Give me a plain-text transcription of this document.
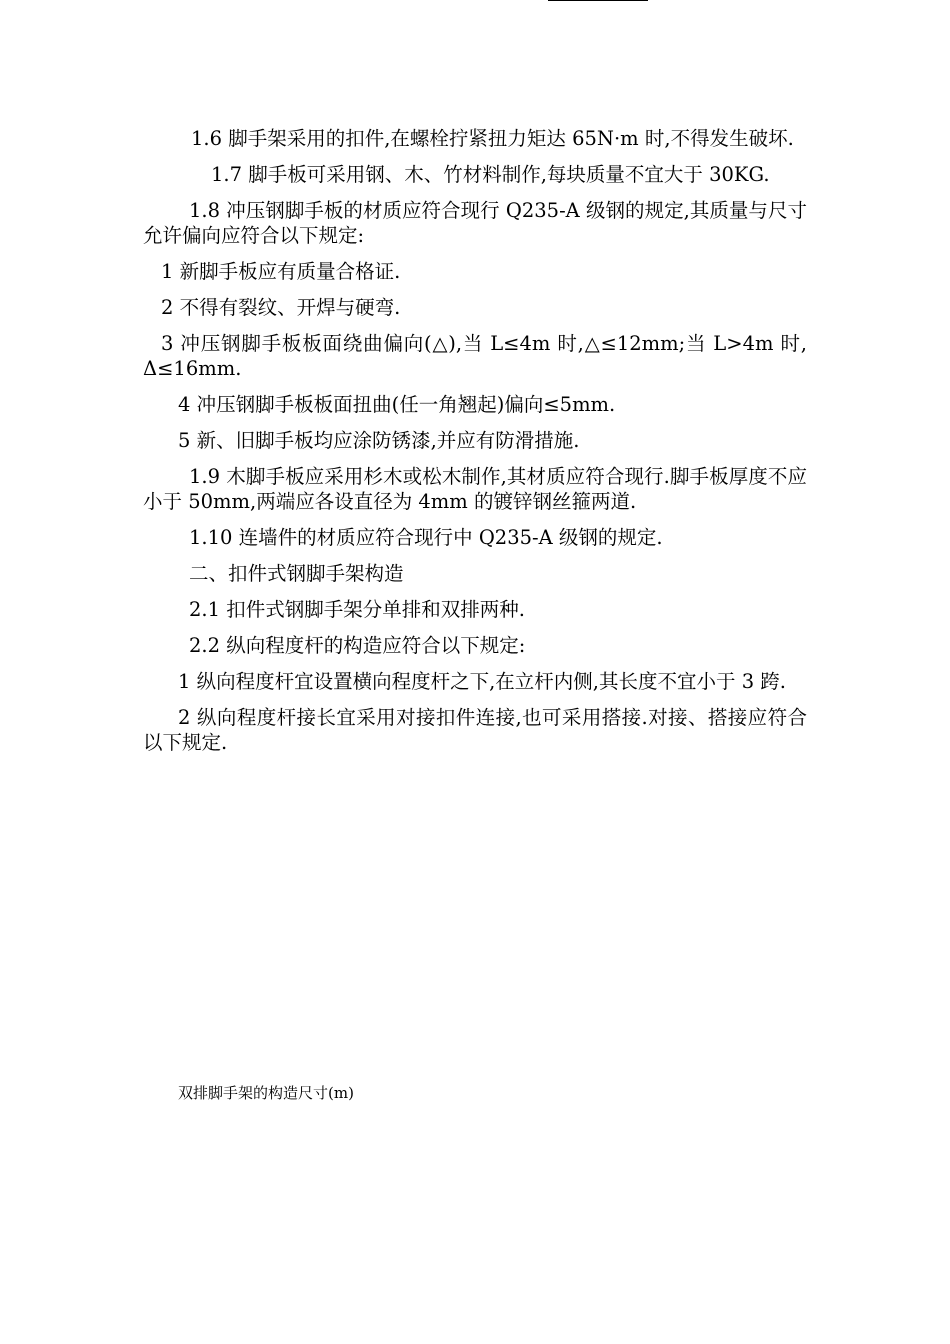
1.6 脚手架采用的扣件,在螺栓拧紧扭力矩达 65N·m 时,不得发生破坏.

1.7 脚手板可采用钢、木、竹材料制作,每块质量不宜大于 30KG.

1.8 冲压钢脚手板的材质应符合现行 Q235-A 级钢的规定,其质量与尺寸允许偏向应符合以下规定:

1 新脚手板应有质量合格证.

2 不得有裂纹、开焊与硬弯.

3 冲压钢脚手板板面绕曲偏向(△),当 L≤4m 时,△≤12mm;当 L>4m 时, Δ≤16mm.

4 冲压钢脚手板板面扭曲(任一角翘起)偏向≤5mm.

5 新、旧脚手板均应涂防锈漆,并应有防滑措施.

1.9 木脚手板应采用杉木或松木制作,其材质应符合现行.脚手板厚度不应小于 50mm,两端应各设直径为 4mm 的镀锌钢丝箍两道.

1.10 连墙件的材质应符合现行中 Q235-A 级钢的规定.

二、扣件式钢脚手架构造

2.1 扣件式钢脚手架分单排和双排两种.

2.2 纵向程度杆的构造应符合以下规定:

1 纵向程度杆宜设置横向程度杆之下,在立杆内侧,其长度不宜小于 3 跨.

2 纵向程度杆接长宜采用对接扣件连接,也可采用搭接.对接、搭接应符合以下规定.

双排脚手架的构造尺寸(m)
